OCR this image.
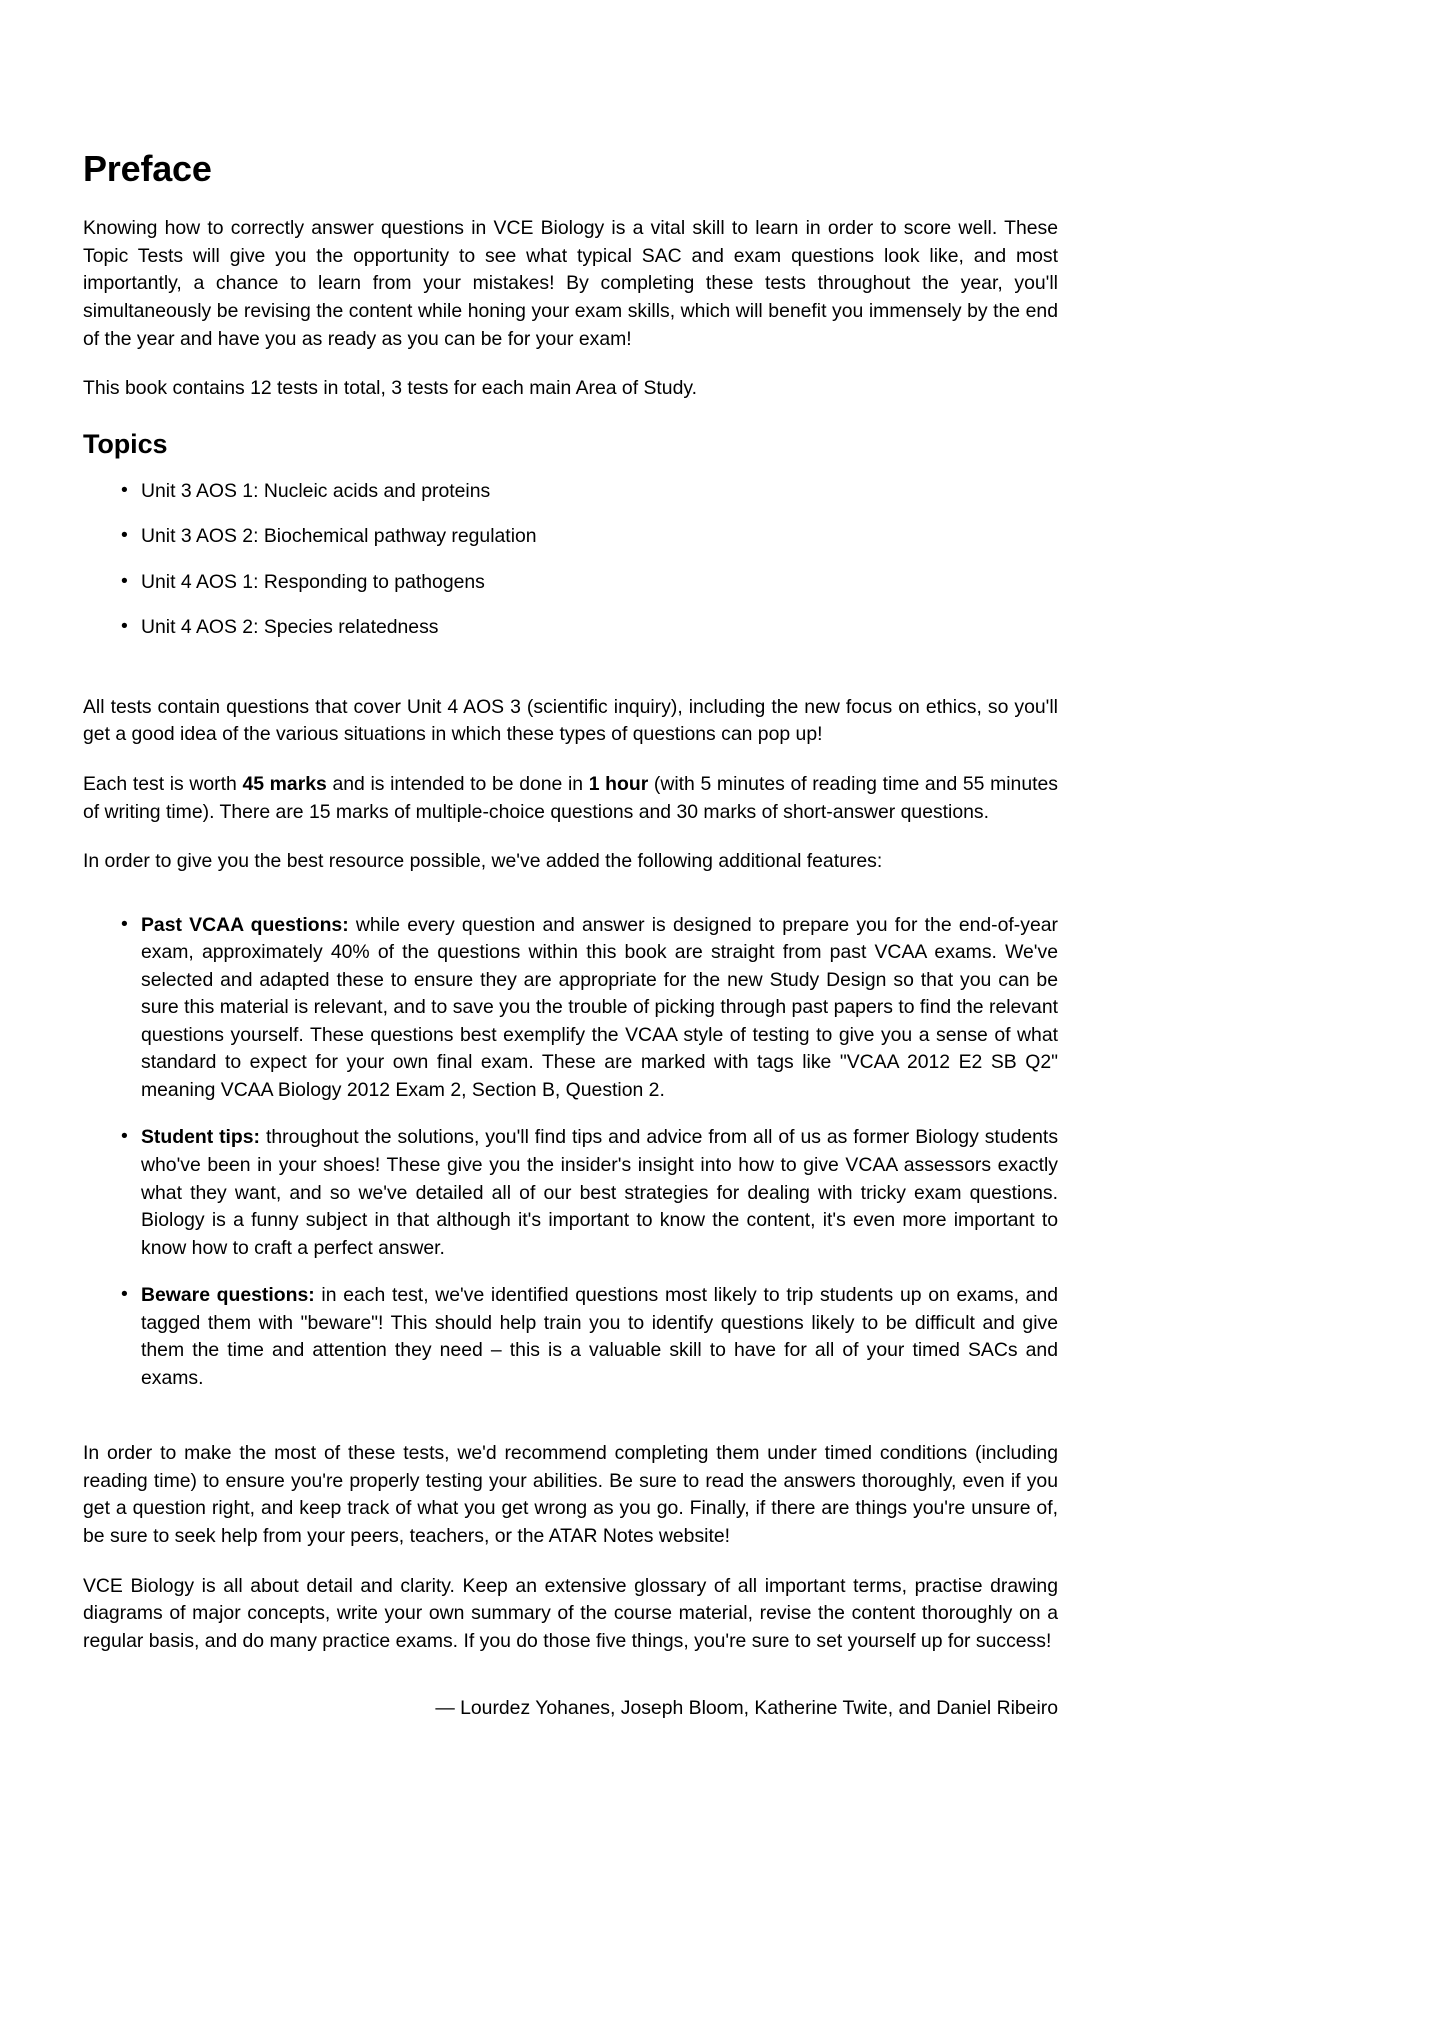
Preface

Knowing how to correctly answer questions in VCE Biology is a vital skill to learn in order to score well. These Topic Tests will give you the opportunity to see what typical SAC and exam questions look like, and most importantly, a chance to learn from your mistakes! By completing these tests throughout the year, you'll simultaneously be revising the content while honing your exam skills, which will benefit you immensely by the end of the year and have you as ready as you can be for your exam!

This book contains 12 tests in total, 3 tests for each main Area of Study.

Topics
• Unit 3 AOS 1: Nucleic acids and proteins
• Unit 3 AOS 2: Biochemical pathway regulation
• Unit 4 AOS 1: Responding to pathogens
• Unit 4 AOS 2: Species relatedness

All tests contain questions that cover Unit 4 AOS 3 (scientific inquiry), including the new focus on ethics, so you'll get a good idea of the various situations in which these types of questions can pop up!

Each test is worth 45 marks and is intended to be done in 1 hour (with 5 minutes of reading time and 55 minutes of writing time). There are 15 marks of multiple-choice questions and 30 marks of short-answer questions.

In order to give you the best resource possible, we've added the following additional features:

• Past VCAA questions: while every question and answer is designed to prepare you for the end-of-year exam, approximately 40% of the questions within this book are straight from past VCAA exams. We've selected and adapted these to ensure they are appropriate for the new Study Design so that you can be sure this material is relevant, and to save you the trouble of picking through past papers to find the relevant questions yourself. These questions best exemplify the VCAA style of testing to give you a sense of what standard to expect for your own final exam. These are marked with tags like "VCAA 2012 E2 SB Q2" meaning VCAA Biology 2012 Exam 2, Section B, Question 2.
• Student tips: throughout the solutions, you'll find tips and advice from all of us as former Biology students who've been in your shoes! These give you the insider's insight into how to give VCAA assessors exactly what they want, and so we've detailed all of our best strategies for dealing with tricky exam questions. Biology is a funny subject in that although it's important to know the content, it's even more important to know how to craft a perfect answer.
• Beware questions: in each test, we've identified questions most likely to trip students up on exams, and tagged them with "beware"! This should help train you to identify questions likely to be difficult and give them the time and attention they need – this is a valuable skill to have for all of your timed SACs and exams.

In order to make the most of these tests, we'd recommend completing them under timed conditions (including reading time) to ensure you're properly testing your abilities. Be sure to read the answers thoroughly, even if you get a question right, and keep track of what you get wrong as you go. Finally, if there are things you're unsure of, be sure to seek help from your peers, teachers, or the ATAR Notes website!

VCE Biology is all about detail and clarity. Keep an extensive glossary of all important terms, practise drawing diagrams of major concepts, write your own summary of the course material, revise the content thoroughly on a regular basis, and do many practice exams. If you do those five things, you're sure to set yourself up for success!

— Lourdez Yohanes, Joseph Bloom, Katherine Twite, and Daniel Ribeiro
